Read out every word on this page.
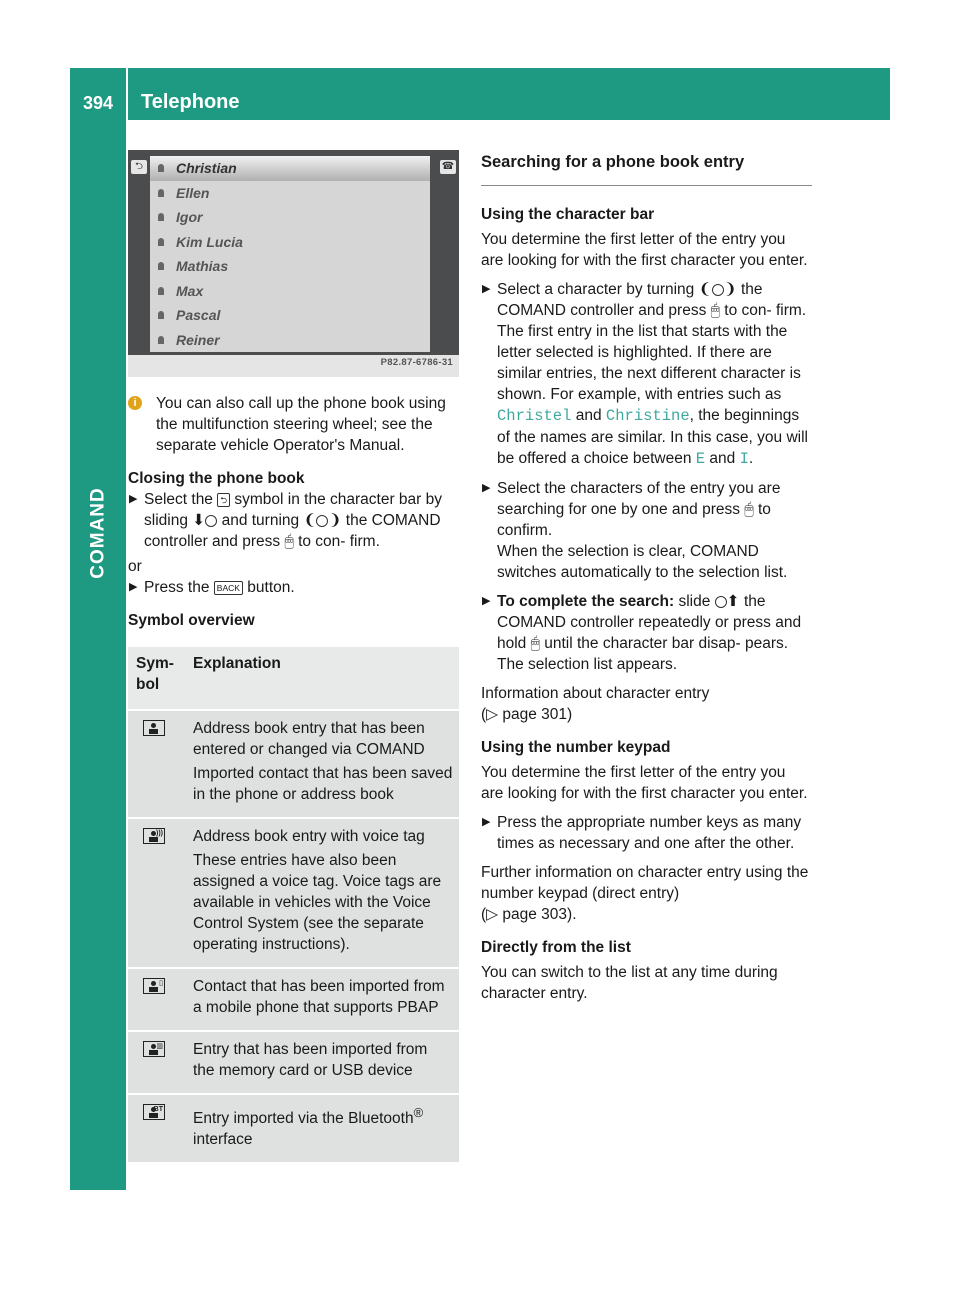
394	Telephone
COMAND
⮌	Christian
Ellen
Igor
Kim Lucia
Mathias
Max
Pascal
Reiner
☎
P82.87-6786-31
i	You can also call up the phone book using the multifunction steering wheel; see the separate vehicle Operator's Manual.

Closing the phone book

▶ Select the ⮌ symbol in the character bar by sliding ⬇ and turning ❨ ❩ the COMAND controller and press 🖱 to con- firm.

or

▶ Press the BACK button.

Symbol overview

Sym- bol	Explanation

	Address book entry that has been entered or changed via COMAND

Imported contact that has been saved in the phone or address book

)))	Address book entry with voice tag

These entries have also been assigned a voice tag. Voice tags are available in vehicles with the Voice Control System (see the separate operating instructions).

▯	Contact that has been imported from a mobile phone that supports PBAP

▥	Entry that has been imported from the memory card or USB device

BT	Entry imported via the Bluetooth® interface

Searching for a phone book entry

Using the character bar

You determine the first letter of the entry you are looking for with the first character you enter.

▶ Select a character by turning ❨ ❩ the COMAND controller and press 🖱 to con- firm.
The first entry in the list that starts with the letter selected is highlighted. If there are similar entries, the next different character is shown. For example, with entries such as Christel and Christine, the beginnings of the names are similar. In this case, you will be offered a choice between E and I.
▶ Select the characters of the entry you are searching for one by one and press 🖱 to confirm.
When the selection is clear, COMAND switches automatically to the selection list.
▶ To complete the search: slide ⬆ the COMAND controller repeatedly or press and hold 🖱 until the character bar disap- pears.
The selection list appears.

Information about character entry

(▷ page 301)

Using the number keypad

You determine the first letter of the entry you are looking for with the first character you enter.

▶ Press the appropriate number keys as many times as necessary and one after the other.

Further information on character entry using the number keypad (direct entry)

(▷ page 303).

Directly from the list

You can switch to the list at any time during character entry.
